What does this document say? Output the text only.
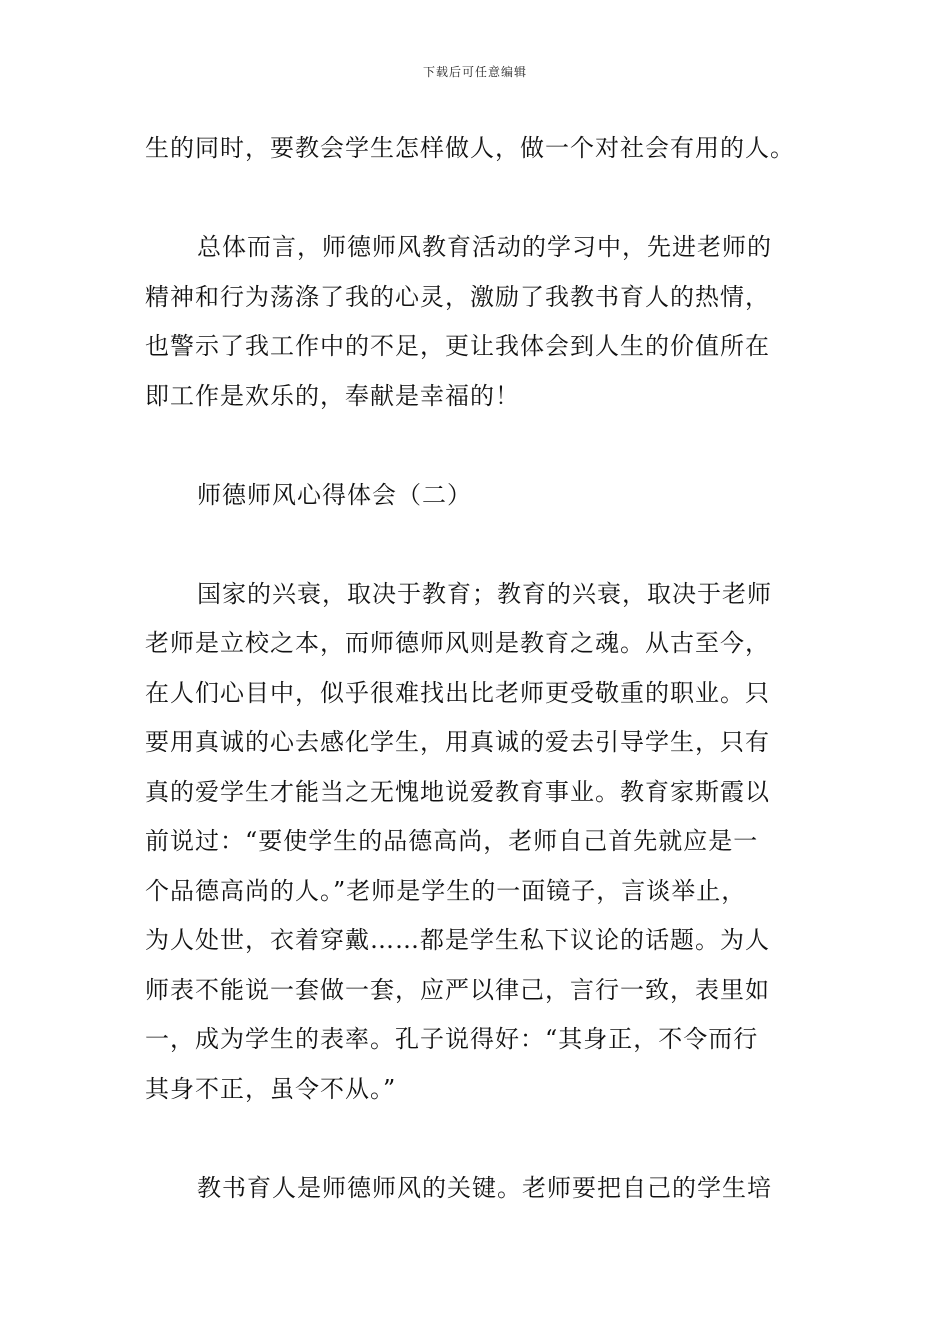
下载后可任意编辑
生的同时，要教会学生怎样做人，做一个对社会有用的人。
总体而言，师德师风教育活动的学习中，先进老师的
精神和行为荡涤了我的心灵，激励了我教书育人的热情，
也警示了我工作中的不足，更让我体会到人生的价值所在
即工作是欢乐的，奉献是幸福的！
师德师风心得体会（二）
国家的兴衰，取决于教育；教育的兴衰，取决于老师
老师是立校之本，而师德师风则是教育之魂。从古至今，
在人们心目中，似乎很难找出比老师更受敬重的职业。只
要用真诚的心去感化学生，用真诚的爱去引导学生，只有
真的爱学生才能当之无愧地说爱教育事业。教育家斯霞以
前说过：“要使学生的品德高尚，老师自己首先就应是一
个品德高尚的人。”老师是学生的一面镜子，言谈举止，
为人处世，衣着穿戴……都是学生私下议论的话题。为人
师表不能说一套做一套，应严以律己，言行一致，表里如
一，成为学生的表率。孔子说得好：“其身正，不令而行
其身不正，虽令不从。”
教书育人是师德师风的关键。老师要把自己的学生培
